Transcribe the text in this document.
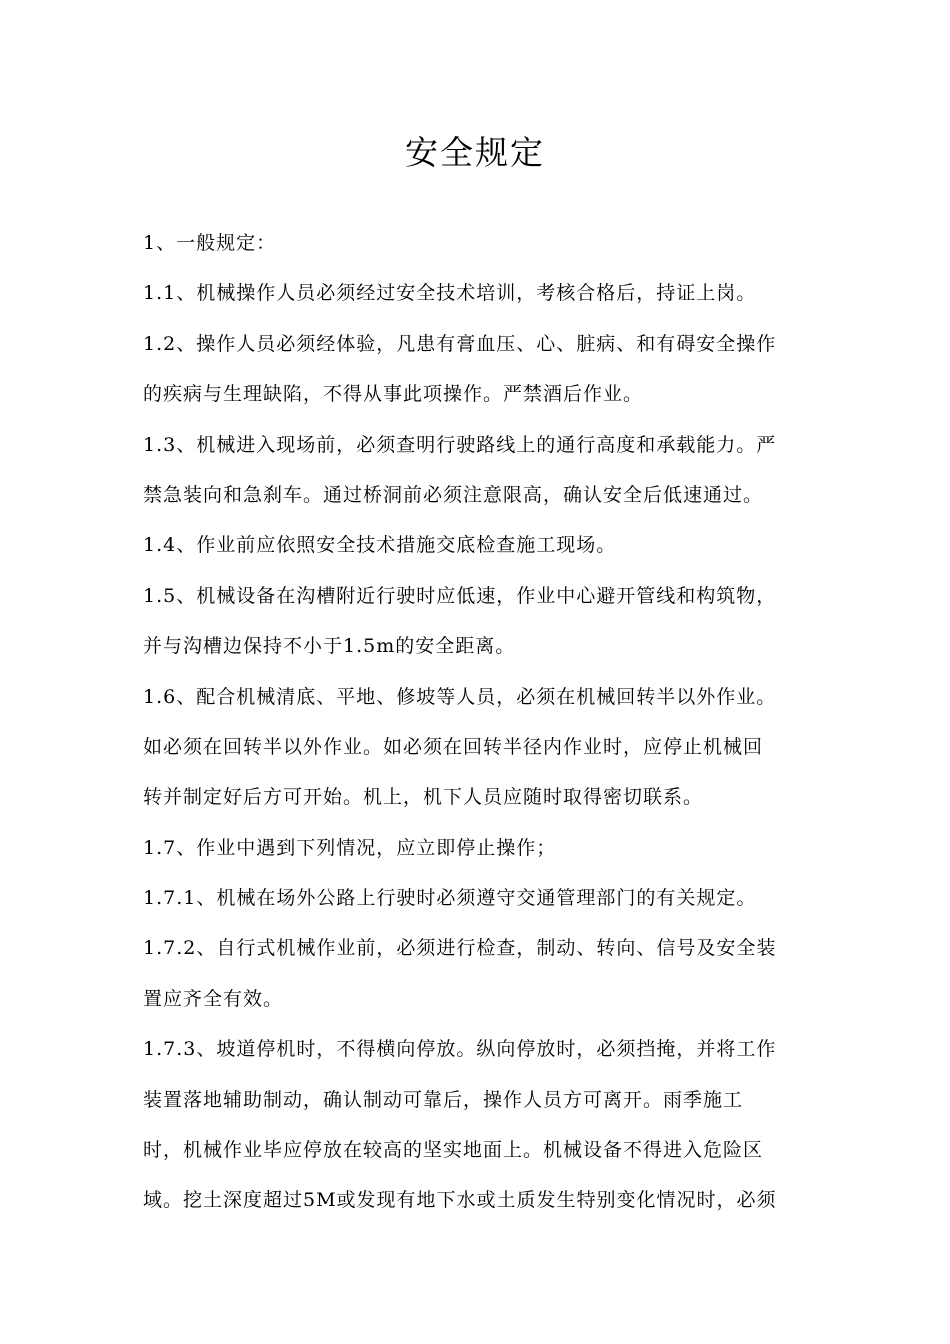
安全规定
1、一般规定：
1.1、机械操作人员必须经过安全技术培训，考核合格后，持证上岗。
1.2、操作人员必须经体验，凡患有膏血压、心、脏病、和有碍安全操作
的疾病与生理缺陷，不得从事此项操作。严禁酒后作业。
1.3、机械进入现场前，必须查明行驶路线上的通行高度和承载能力。严
禁急装向和急刹车。通过桥洞前必须注意限高，确认安全后低速通过。
1.4、作业前应依照安全技术措施交底检查施工现场。
1.5、机械设备在沟槽附近行驶时应低速，作业中心避开管线和构筑物，
并与沟槽边保持不小于1.5m的安全距离。
1.6、配合机械清底、平地、修坡等人员，必须在机械回转半以外作业。
如必须在回转半以外作业。如必须在回转半径内作业时，应停止机械回
转并制定好后方可开始。机上，机下人员应随时取得密切联系。
1.7、作业中遇到下列情况，应立即停止操作；
1.7.1、机械在场外公路上行驶时必须遵守交通管理部门的有关规定。
1.7.2、自行式机械作业前，必须进行检查，制动、转向、信号及安全装
置应齐全有效。
1.7.3、坡道停机时，不得横向停放。纵向停放时，必须挡掩，并将工作
装置落地辅助制动，确认制动可靠后，操作人员方可离开。雨季施工
时，机械作业毕应停放在较高的坚实地面上。机械设备不得进入危险区
域。挖土深度超过5M或发现有地下水或土质发生特别变化情况时，必须
